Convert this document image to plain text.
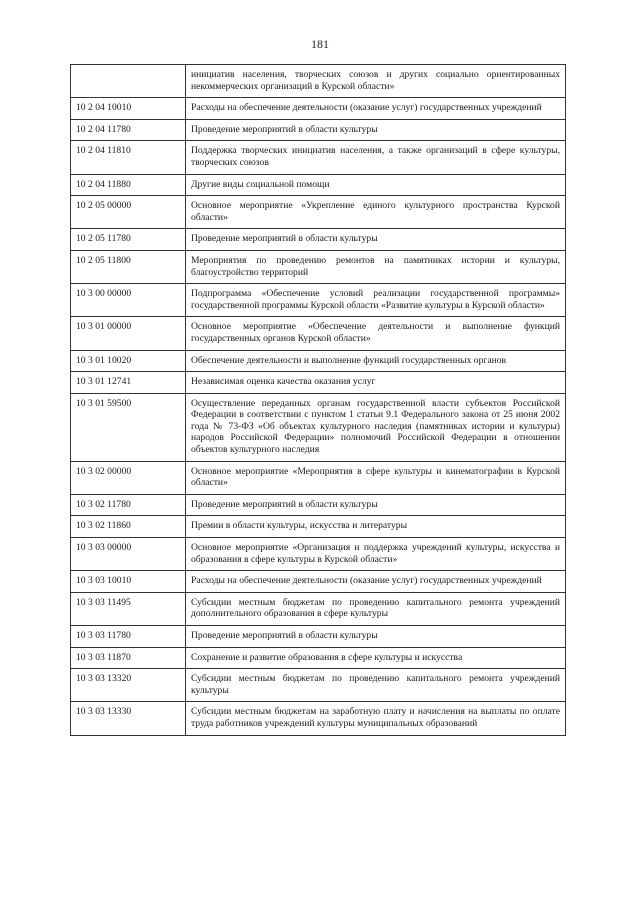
181
	инициатив населения, творческих союзов и других социально ориентированных некоммерческих организаций в Курской области»
10 2 04 10010	Расходы на обеспечение деятельности (оказание услуг) государственных учреждений
10 2 04 11780	Проведение мероприятий в области культуры
10 2 04 11810	Поддержка творческих инициатив населения, а также организаций в сфере культуры, творческих союзов
10 2 04 11880	Другие виды социальной помощи
10 2 05 00000	Основное мероприятие «Укрепление единого культурного пространства Курской области»
10 2 05 11780	Проведение мероприятий в области культуры
10 2 05 11800	Мероприятия по проведению ремонтов на памятниках истории и культуры, благоустройство территорий
10 3 00 00000	Подпрограмма «Обеспечение условий реализации государственной программы» государственной программы Курской области «Развитие культуры в Курской области»
10 3 01 00000	Основное мероприятие «Обеспечение деятельности и выполнение функций государственных органов Курской области»
10 3 01 10020	Обеспечение деятельности и выполнение функций государственных органов
10 3 01 12741	Независимая оценка качества оказания услуг
10 3 01 59500	Осуществление переданных органам государственной власти субъектов Российской Федерации в соответствии с пунктом 1 статьи 9.1 Федерального закона от 25 июня 2002 года № 73-ФЗ «Об объектах культурного наследия (памятниках истории и культуры) народов Российской Федерации» полномочий Российской Федерации в отношении объектов культурного наследия
10 3 02 00000	Основное мероприятие «Мероприятия в сфере культуры и кинематографии в Курской области»
10 3 02 11780	Проведение мероприятий в области культуры
10 3 02 11860	Премии в области культуры, искусства и литературы
10 3 03 00000	Основное мероприятие «Организация и поддержка учреждений культуры, искусства и образования в сфере культуры в Курской области»
10 3 03 10010	Расходы на обеспечение деятельности (оказание услуг) государственных учреждений
10 3 03 11495	Субсидии местным бюджетам по проведению капитального ремонта учреждений дополнительного образования в сфере культуры
10 3 03 11780	Проведение мероприятий в области культуры
10 3 03 11870	Сохранение и развитие образования в сфере культуры и искусства
10 3 03 13320	Субсидии местным бюджетам по проведению капитального ремонта учреждений культуры
10 3 03 13330	Субсидии местным бюджетам на заработную плату и начисления на выплаты по оплате труда работников учреждений культуры муниципальных образований
